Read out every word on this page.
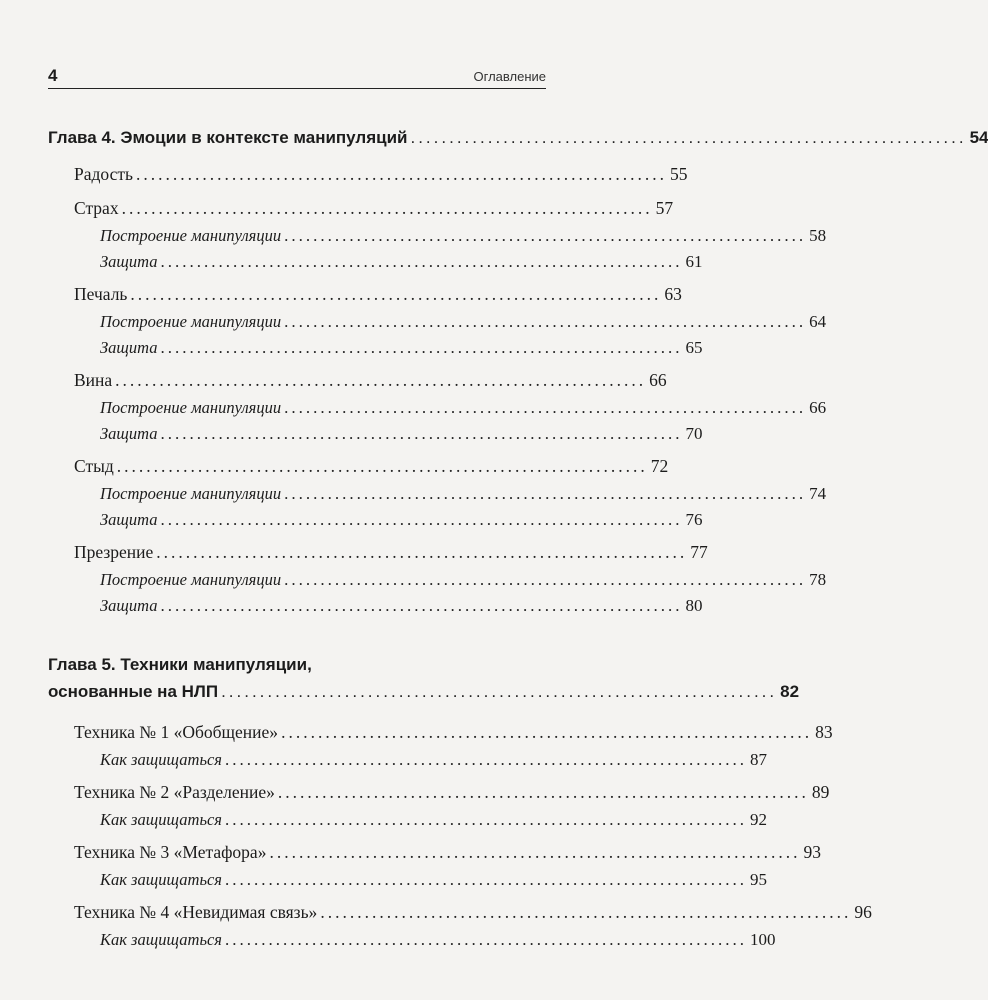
4	Оглавление
Глава 4. Эмоции в контексте манипуляций ........................................................................ 54
Радость ........................................................................ 55
Страх ........................................................................ 57
Построение манипуляции ........................................................................ 58
Защита ........................................................................ 61
Печаль ........................................................................ 63
Построение манипуляции ........................................................................ 64
Защита ........................................................................ 65
Вина ........................................................................ 66
Построение манипуляции ........................................................................ 66
Защита ........................................................................ 70
Стыд ........................................................................ 72
Построение манипуляции ........................................................................ 74
Защита ........................................................................ 76
Презрение ........................................................................ 77
Построение манипуляции ........................................................................ 78
Защита ........................................................................ 80
Глава 5. Техники манипуляции,
основанные на НЛП ........................................................................ 82
Техника № 1 «Обобщение» ........................................................................ 83
Как защищаться ........................................................................ 87
Техника № 2 «Разделение» ........................................................................ 89
Как защищаться ........................................................................ 92
Техника № 3 «Метафора» ........................................................................ 93
Как защищаться ........................................................................ 95
Техника № 4 «Невидимая связь» ........................................................................ 96
Как защищаться ........................................................................ 100
